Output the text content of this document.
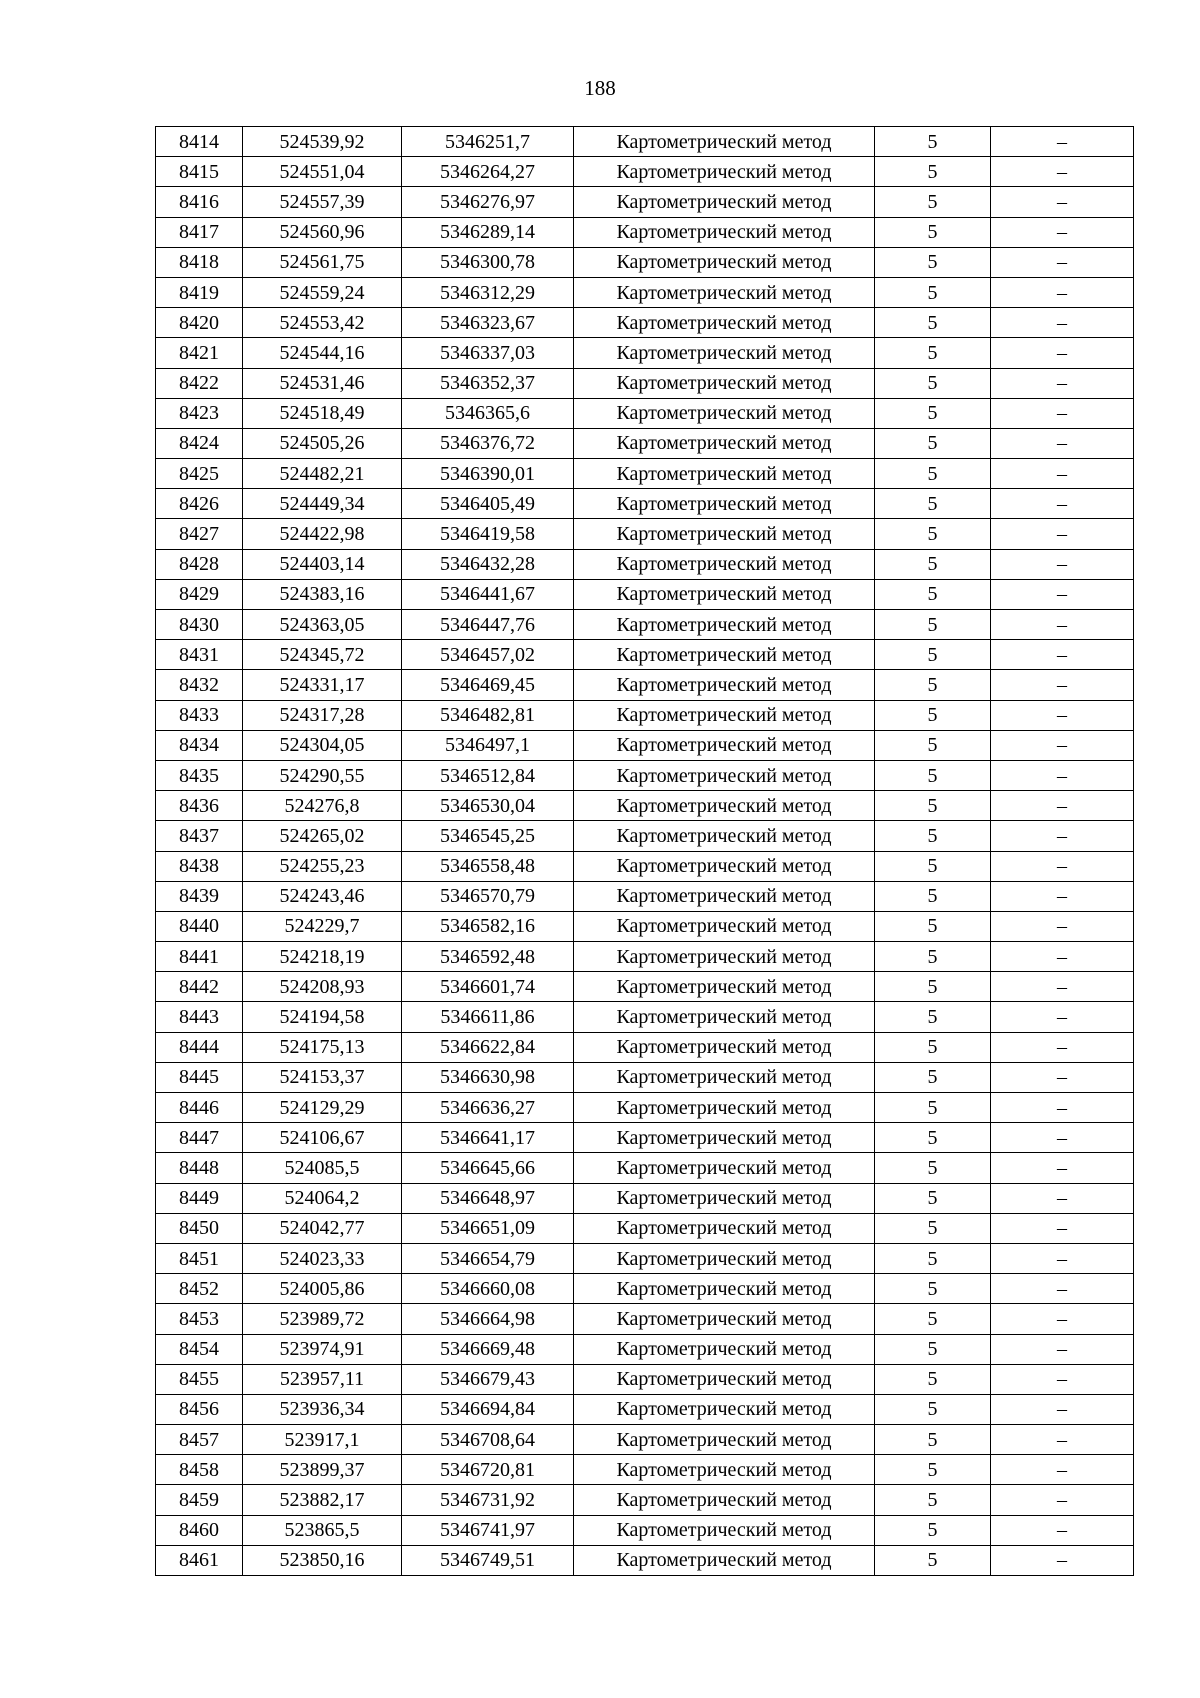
188
8414	524539,92	5346251,7	Картометрический метод	5	–
8415	524551,04	5346264,27	Картометрический метод	5	–
8416	524557,39	5346276,97	Картометрический метод	5	–
8417	524560,96	5346289,14	Картометрический метод	5	–
8418	524561,75	5346300,78	Картометрический метод	5	–
8419	524559,24	5346312,29	Картометрический метод	5	–
8420	524553,42	5346323,67	Картометрический метод	5	–
8421	524544,16	5346337,03	Картометрический метод	5	–
8422	524531,46	5346352,37	Картометрический метод	5	–
8423	524518,49	5346365,6	Картометрический метод	5	–
8424	524505,26	5346376,72	Картометрический метод	5	–
8425	524482,21	5346390,01	Картометрический метод	5	–
8426	524449,34	5346405,49	Картометрический метод	5	–
8427	524422,98	5346419,58	Картометрический метод	5	–
8428	524403,14	5346432,28	Картометрический метод	5	–
8429	524383,16	5346441,67	Картометрический метод	5	–
8430	524363,05	5346447,76	Картометрический метод	5	–
8431	524345,72	5346457,02	Картометрический метод	5	–
8432	524331,17	5346469,45	Картометрический метод	5	–
8433	524317,28	5346482,81	Картометрический метод	5	–
8434	524304,05	5346497,1	Картометрический метод	5	–
8435	524290,55	5346512,84	Картометрический метод	5	–
8436	524276,8	5346530,04	Картометрический метод	5	–
8437	524265,02	5346545,25	Картометрический метод	5	–
8438	524255,23	5346558,48	Картометрический метод	5	–
8439	524243,46	5346570,79	Картометрический метод	5	–
8440	524229,7	5346582,16	Картометрический метод	5	–
8441	524218,19	5346592,48	Картометрический метод	5	–
8442	524208,93	5346601,74	Картометрический метод	5	–
8443	524194,58	5346611,86	Картометрический метод	5	–
8444	524175,13	5346622,84	Картометрический метод	5	–
8445	524153,37	5346630,98	Картометрический метод	5	–
8446	524129,29	5346636,27	Картометрический метод	5	–
8447	524106,67	5346641,17	Картометрический метод	5	–
8448	524085,5	5346645,66	Картометрический метод	5	–
8449	524064,2	5346648,97	Картометрический метод	5	–
8450	524042,77	5346651,09	Картометрический метод	5	–
8451	524023,33	5346654,79	Картометрический метод	5	–
8452	524005,86	5346660,08	Картометрический метод	5	–
8453	523989,72	5346664,98	Картометрический метод	5	–
8454	523974,91	5346669,48	Картометрический метод	5	–
8455	523957,11	5346679,43	Картометрический метод	5	–
8456	523936,34	5346694,84	Картометрический метод	5	–
8457	523917,1	5346708,64	Картометрический метод	5	–
8458	523899,37	5346720,81	Картометрический метод	5	–
8459	523882,17	5346731,92	Картометрический метод	5	–
8460	523865,5	5346741,97	Картометрический метод	5	–
8461	523850,16	5346749,51	Картометрический метод	5	–
